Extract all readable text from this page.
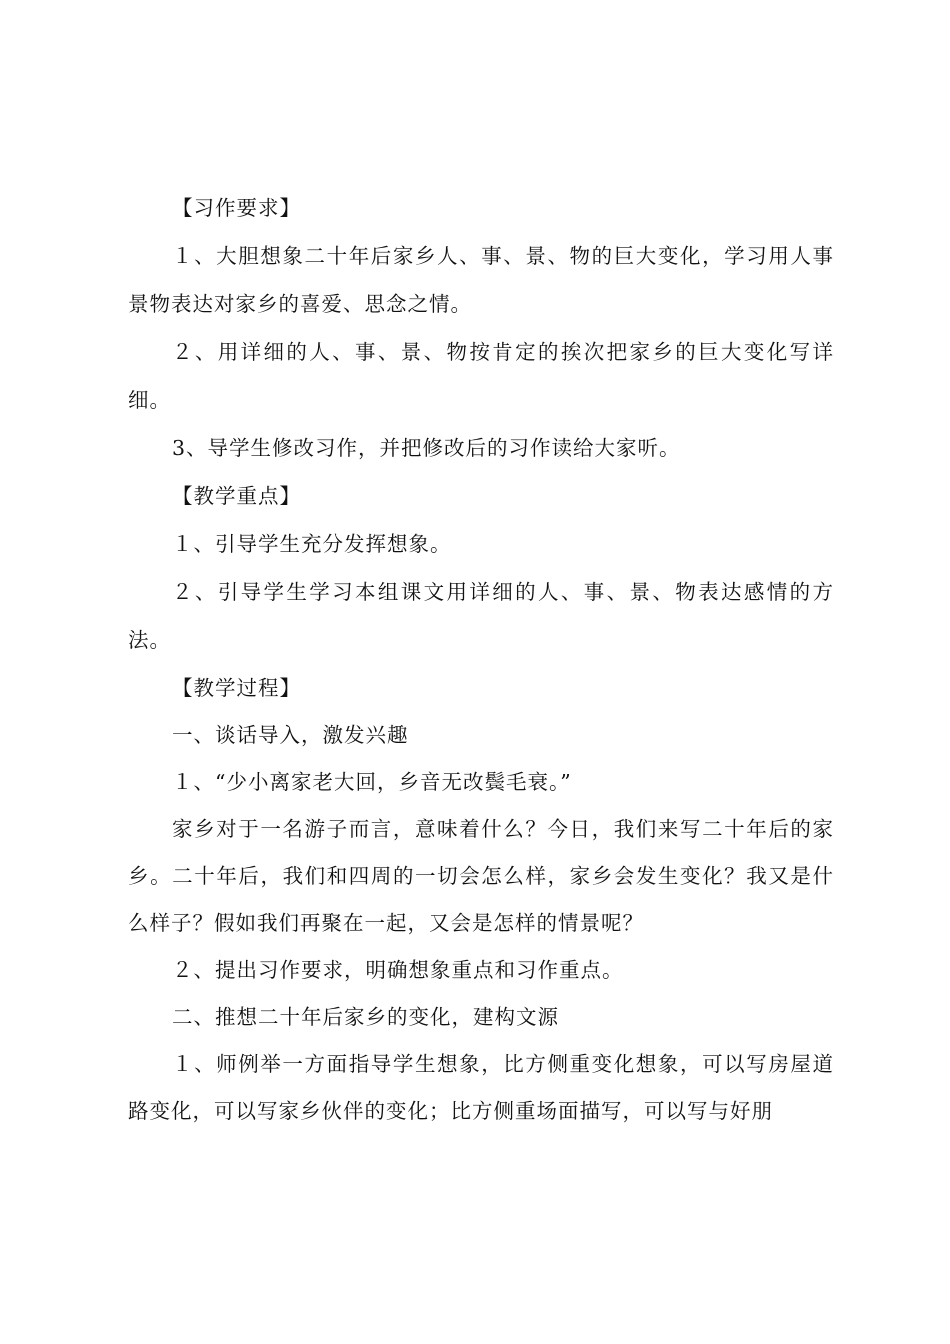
【习作要求】

１、大胆想象二十年后家乡人、事、景、物的巨大变化，学习用人事景物表达对家乡的喜爱、思念之情。

２、用详细的人、事、景、物按肯定的挨次把家乡的巨大变化写详细。

3、导学生修改习作，并把修改后的习作读给大家听。

【教学重点】

１、引导学生充分发挥想象。

２、引导学生学习本组课文用详细的人、事、景、物表达感情的方法。

【教学过程】

一、谈话导入，激发兴趣

１、“少小离家老大回，乡音无改鬓毛衰。”

家乡对于一名游子而言，意味着什么？今日，我们来写二十年后的家乡。二十年后，我们和四周的一切会怎么样，家乡会发生变化？我又是什么样子？假如我们再聚在一起，又会是怎样的情景呢？

２、提出习作要求，明确想象重点和习作重点。

二、推想二十年后家乡的变化，建构文源

１、师例举一方面指导学生想象，比方侧重变化想象，可以写房屋道路变化，可以写家乡伙伴的变化；比方侧重场面描写，可以写与好朋
